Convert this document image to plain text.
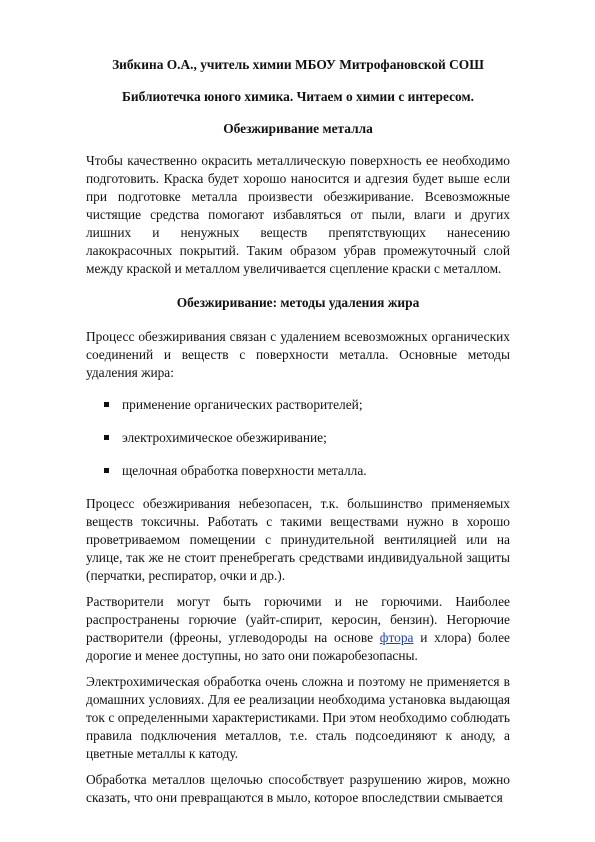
Зибкина О.А., учитель химии МБОУ Митрофановской СОШ
Библиотечка юного химика. Читаем о химии с интересом.
Обезжиривание металла

Чтобы качественно окрасить металлическую поверхность ее необходимо подготовить. Краска будет хорошо наносится и адгезия будет выше если при подготовке металла произвести обезжиривание. Всевозможные чистящие средства помогают избавляться от пыли, влаги и других лишних и ненужных веществ препятствующих нанесению лакокрасочных покрытий. Таким образом убрав промежуточный слой между краской и металлом увеличивается сцепление краски с металлом.

Обезжиривание: методы удаления жира

Процесс обезжиривания связан с удалением всевозможных органических соединений и веществ с поверхности металла. Основные методы удаления жира:

применение органических растворителей;
электрохимическое обезжиривание;
щелочная обработка поверхности металла.

Процесс обезжиривания небезопасен, т.к. большинство применяемых веществ токсичны. Работать с такими веществами нужно в хорошо проветриваемом помещении с принудительной вентиляцией или на улице, так же не стоит пренебрегать средствами индивидуальной защиты (перчатки, респиратор, очки и др.).

Растворители могут быть горючими и не горючими. Наиболее распространены горючие (уайт-спирит, керосин, бензин). Негорючие растворители (фреоны, углеводороды на основе фтора и хлора) более дорогие и менее доступны, но зато они пожаробезопасны.

Электрохимическая обработка очень сложна и поэтому не применяется в домашних условиях. Для ее реализации необходима установка выдающая ток с определенными характеристиками. При этом необходимо соблюдать правила подключения металлов, т.е. сталь подсоединяют к аноду, а цветные металлы к катоду.

Обработка металлов щелочью способствует разрушению жиров, можно сказать, что они превращаются в мыло, которое впоследствии смывается
